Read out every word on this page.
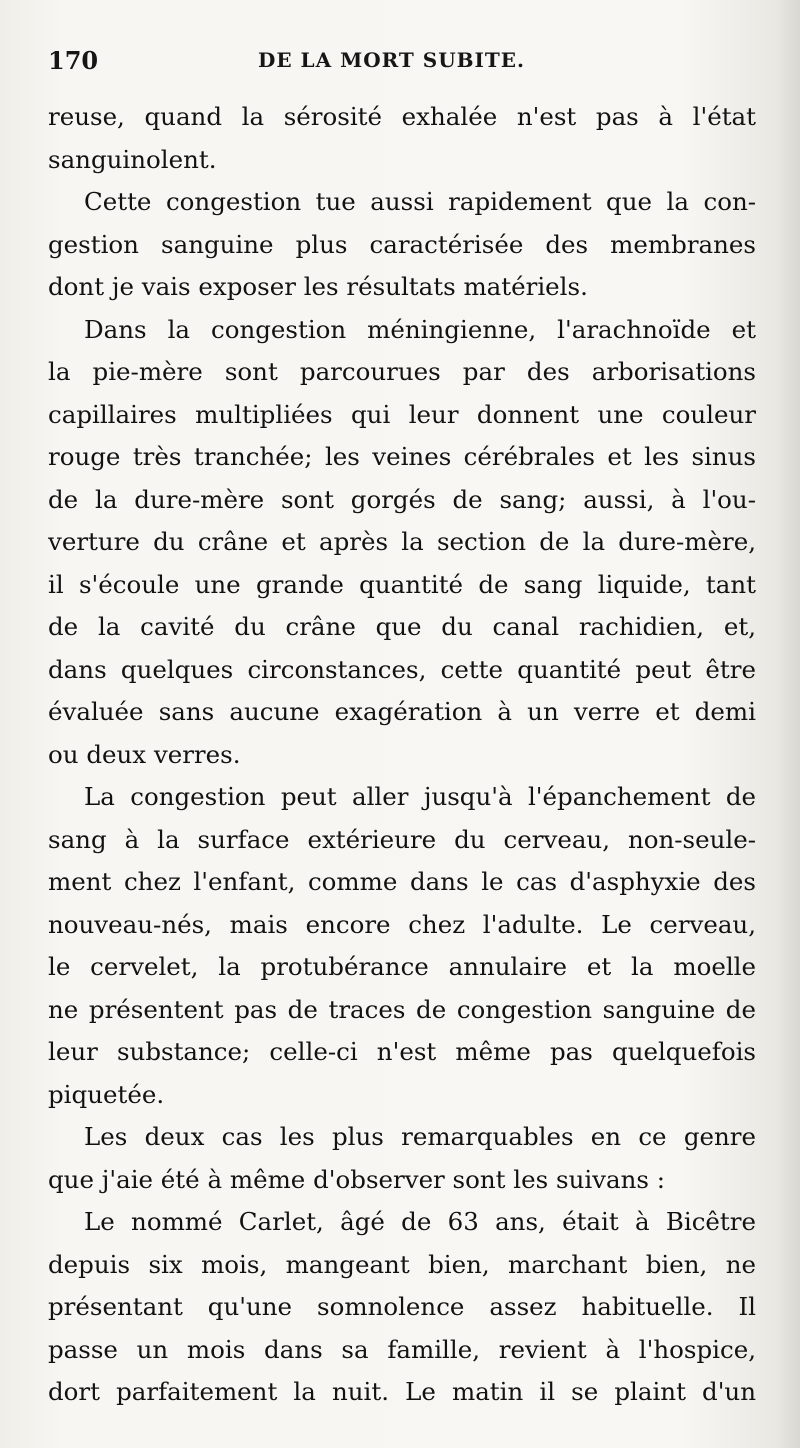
170	DE LA MORT SUBITE.
reuse, quand la sérosité exhalée n'est pas à l'état
sanguinolent.
Cette congestion tue aussi rapidement que la con-
gestion sanguine plus caractérisée des membranes
dont je vais exposer les résultats matériels.
Dans la congestion méningienne, l'arachnoïde et
la pie-mère sont parcourues par des arborisations
capillaires multipliées qui leur donnent une couleur
rouge très tranchée; les veines cérébrales et les sinus
de la dure-mère sont gorgés de sang; aussi, à l'ou-
verture du crâne et après la section de la dure-mère,
il s'écoule une grande quantité de sang liquide, tant
de la cavité du crâne que du canal rachidien, et,
dans quelques circonstances, cette quantité peut être
évaluée sans aucune exagération à un verre et demi
ou deux verres.
La congestion peut aller jusqu'à l'épanchement de
sang à la surface extérieure du cerveau, non-seule-
ment chez l'enfant, comme dans le cas d'asphyxie des
nouveau-nés, mais encore chez l'adulte. Le cerveau,
le cervelet, la protubérance annulaire et la moelle
ne présentent pas de traces de congestion sanguine de
leur substance; celle-ci n'est même pas quelquefois
piquetée.
Les deux cas les plus remarquables en ce genre
que j'aie été à même d'observer sont les suivans :
Le nommé Carlet, âgé de 63 ans, était à Bicêtre
depuis six mois, mangeant bien, marchant bien, ne
présentant qu'une somnolence assez habituelle. Il
passe un mois dans sa famille, revient à l'hospice,
dort parfaitement la nuit. Le matin il se plaint d'un
